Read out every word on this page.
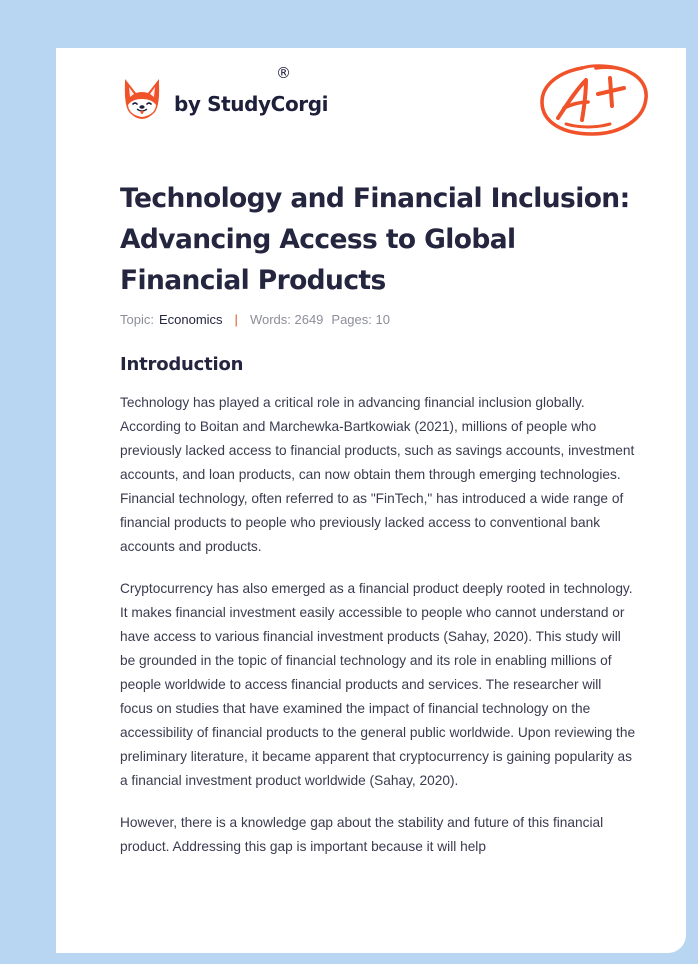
by StudyCorgi
®
Technology and Financial Inclusion: Advancing Access to Global Financial Products
Topic: Economics | Words: 2649 Pages: 10
Introduction

Technology has played a critical role in advancing financial inclusion globally. According to Boitan and Marchewka-Bartkowiak (2021), millions of people who previously lacked access to financial products, such as savings accounts, investment accounts, and loan products, can now obtain them through emerging technologies. Financial technology, often referred to as "FinTech," has introduced a wide range of financial products to people who previously lacked access to conventional bank accounts and products.

Cryptocurrency has also emerged as a financial product deeply rooted in technology. It makes financial investment easily accessible to people who cannot understand or have access to various financial investment products (Sahay, 2020). This study will be grounded in the topic of financial technology and its role in enabling millions of people worldwide to access financial products and services. The researcher will focus on studies that have examined the impact of financial technology on the accessibility of financial products to the general public worldwide. Upon reviewing the preliminary literature, it became apparent that cryptocurrency is gaining popularity as a financial investment product worldwide (Sahay, 2020).

However, there is a knowledge gap about the stability and future of this financial product. Addressing this gap is important because it will help
